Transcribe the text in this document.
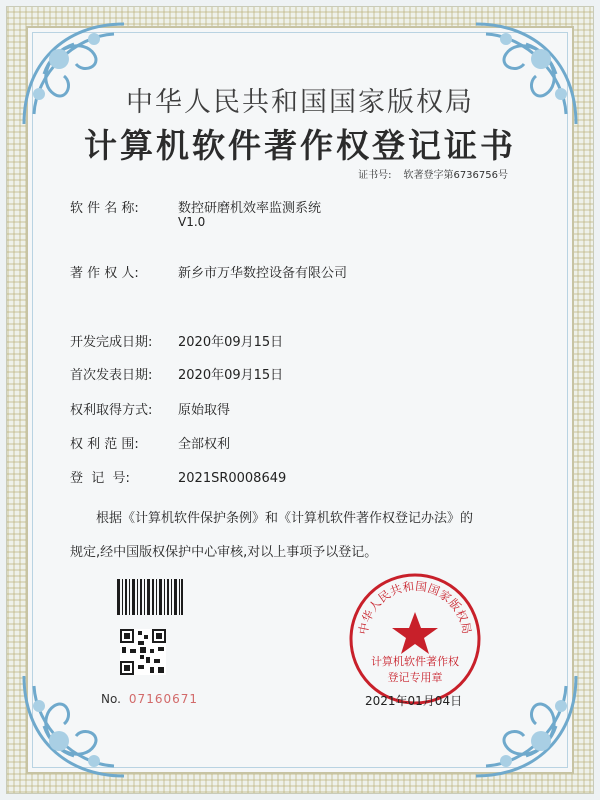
中华人民共和国国家版权局
计算机软件著作权登记证书
证书号: 软著登字第6736756号
软 件 名 称:	数控研磨机效率监测系统
V1.0
著 作 权 人:	新乡市万华数控设备有限公司
开发完成日期: 2020年09月15日
首次发表日期: 2020年09月15日
权利取得方式: 原始取得
权 利 范 围:	全部权利
登  记  号:	2021SR0008649
根据《计算机软件保护条例》和《计算机软件著作权登记办法》的
规定,经中国版权保护中心审核,对以上事项予以登记。
No. 07160671
中华人民共和国国家版权局
计算机软件著作权
登记专用章
2021年01月04日
